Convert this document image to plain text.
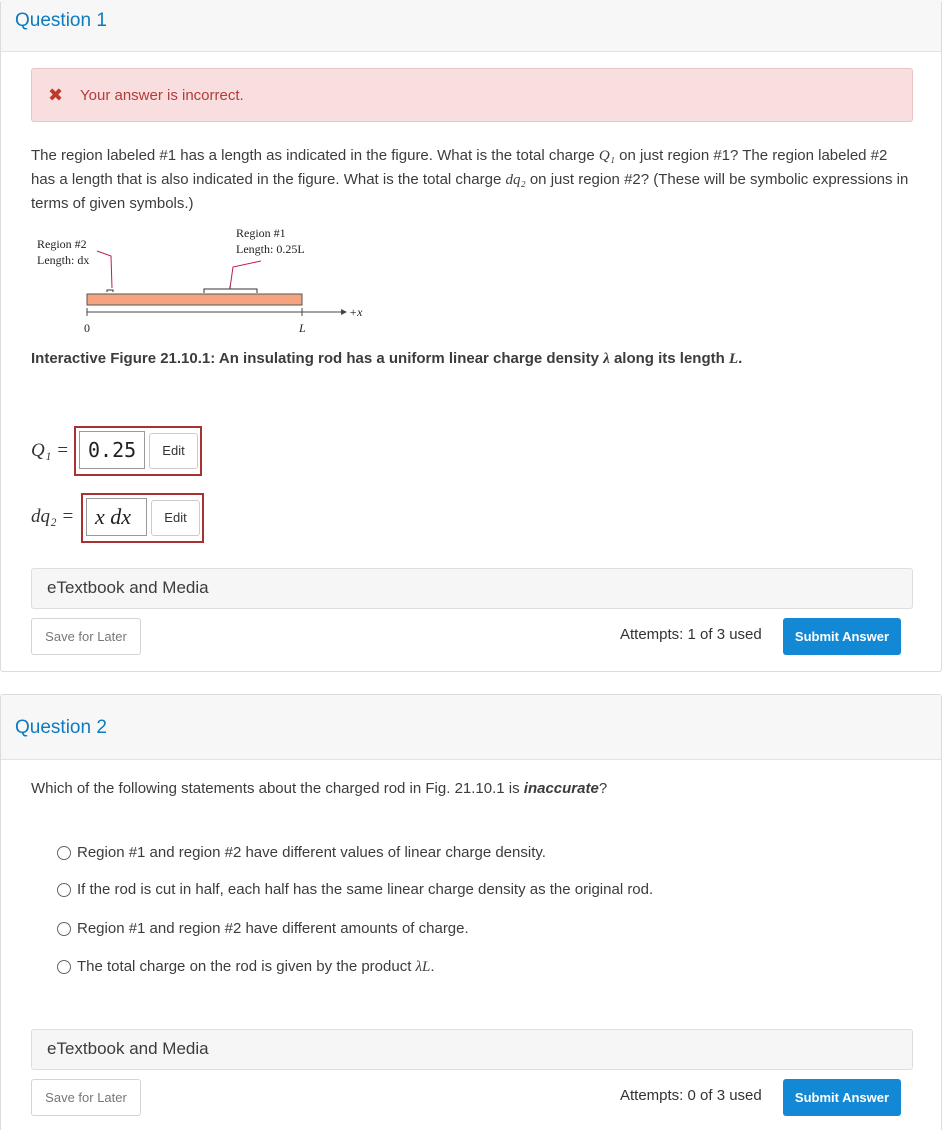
Question 1
✖ Your answer is incorrect.
The region labeled #1 has a length as indicated in the figure. What is the total charge Q₁ on just region #1? The region labeled #2 has a length that is also indicated in the figure. What is the total charge dq₂ on just region #2? (These will be symbolic expressions in terms of given symbols.)
Region #2
Length: dx
Region #1
Length: 0.25L
+x
0	L
Interactive Figure 21.10.1: An insulating rod has a uniform linear charge density λ along its length L.
Q₁ = 0.25	Edit
dq₂ = x dx	Edit
eTextbook and Media
Save for Later	Attempts: 1 of 3 used	Submit Answer
Question 2
Which of the following statements about the charged rod in Fig. 21.10.1 is inaccurate?
Region #1 and region #2 have different values of linear charge density.
If the rod is cut in half, each half has the same linear charge density as the original rod.
Region #1 and region #2 have different amounts of charge.
The total charge on the rod is given by the product λL.
eTextbook and Media
Save for Later	Attempts: 0 of 3 used	Submit Answer
